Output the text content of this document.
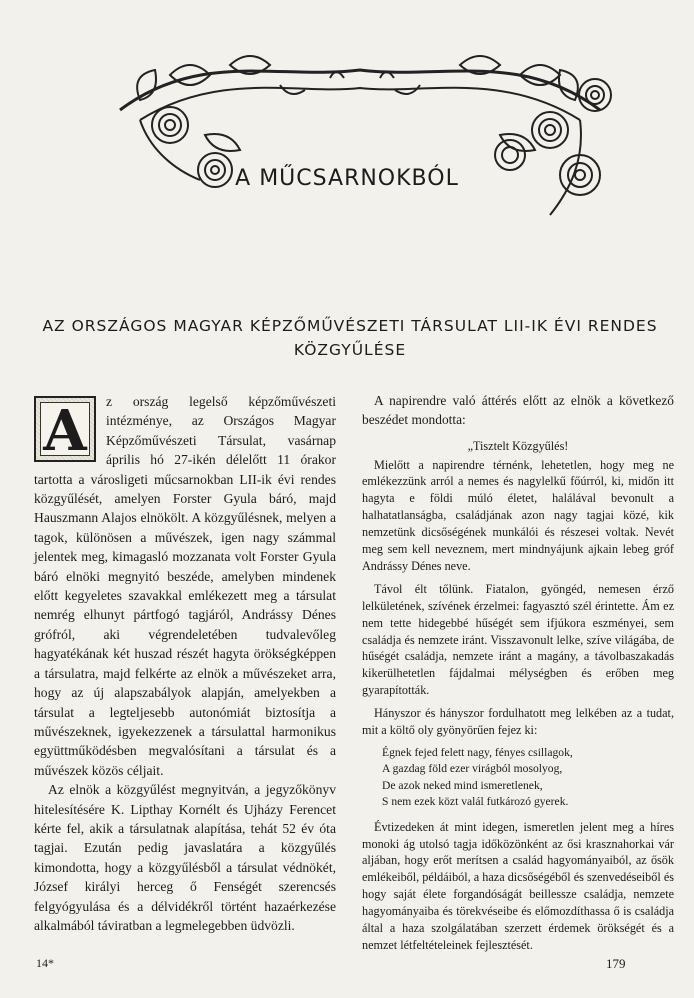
A MŰCSARNOKBÓL
AZ ORSZÁGOS MAGYAR KÉPZŐMŰVÉSZETI TÁRSULAT LII-IK ÉVI RENDES
KÖZGYŰLÉSE
A	z ország legelső képzőművészeti intézménye, az Országos Magyar Képzőművészeti Társulat, vasárnap április hó 27-ikén délelőtt 11 órakor tartotta a városligeti műcsarnokban LII-ik évi rendes közgyűlését, amelyen Forster Gyula báró, majd Hauszmann Alajos elnökölt. A közgyűlésnek, melyen a tagok, különösen a művészek, igen nagy számmal jelentek meg, kimagasló mozzanata volt Forster Gyula báró elnöki megnyitó beszéde, amelyben mindenek előtt kegyeletes szavakkal emlékezett meg a társulat nemrég elhunyt pártfogó tagjáról, Andrássy Dénes grófról, aki végrendeletében tudvalevőleg hagyatékának két huszad részét hagyta örökségképpen a társulatra, majd felkérte az elnök a művészeket arra, hogy az új alapszabályok alapján, amelyekben a társulat a legteljesebb autonómiát biztosítja a művészeknek, igyekezzenek a társulattal harmonikus együttműködésben megvalósítani a társulat és a művészek közös céljait.

Az elnök a közgyűlést megnyitván, a jegyzőkönyv hitelesítésére K. Lipthay Kornélt és Ujházy Ferencet kérte fel, akik a társulatnak alapítása, tehát 52 év óta tagjai. Ezután pedig javaslatára a közgyűlés kimondotta, hogy a közgyűlésből a társulat védnökét, József királyi herceg ő Fenségét szerencsés felgyógyulása és a délvidékről történt hazaérkezése alkalmából táviratban a legmelegebben üdvözli.

A napirendre való áttérés előtt az elnök a következő beszédet mondotta:

„Tisztelt Közgyűlés!

Mielőtt a napirendre térnénk, lehetetlen, hogy meg ne emlékezzünk arról a nemes és nagylelkű főúrról, ki, midőn itt hagyta e földi múló életet, halálával bevonult a halhatatlanságba, családjának azon nagy tagjai közé, kik nemzetünk dicsőségének munkálói és részesei voltak. Nevét meg sem kell neveznem, mert mindnyájunk ajkain lebeg gróf Andrássy Dénes neve.

Távol élt tőlünk. Fiatalon, gyöngéd, nemesen érző lelkületének, szívének érzelmei: fagyasztó szél érintette. Ám ez nem tette hidegebbé hűségét sem ifjúkora eszményei, sem családja és nemzete iránt. Visszavonult lelke, szíve világába, de hűségét családja, nemzete iránt a magány, a távolbaszakadás kikerülhetetlen fájdalmai mélységben és erőben meg gyarapították.

Hányszor és hányszor fordulhatott meg lelkében az a tudat, mit a költő oly gyönyörűen fejez ki:

Égnek fejed felett nagy, fényes csillagok,
A gazdag föld ezer virágból mosolyog,
De azok neked mind ismeretlenek,
S nem ezek közt valál futkározó gyerek.

Évtizedeken át mint idegen, ismeretlen jelent meg a híres monoki ág utolsó tagja időközönként az ősi krasznahorkai vár aljában, hogy erőt merítsen a család hagyományaiból, az ősök emlékeiből, példáiból, a haza dicsőségéből és szenvedéseiből és hogy saját élete forgandóságát beillessze családja, nemzete hagyományaiba és törekvéseibe és előmozdíthassa ő is családja által a haza szolgálatában szerzett érdemek örökségét és a nemzet létfeltételeinek fejlesztését.

14*	179
